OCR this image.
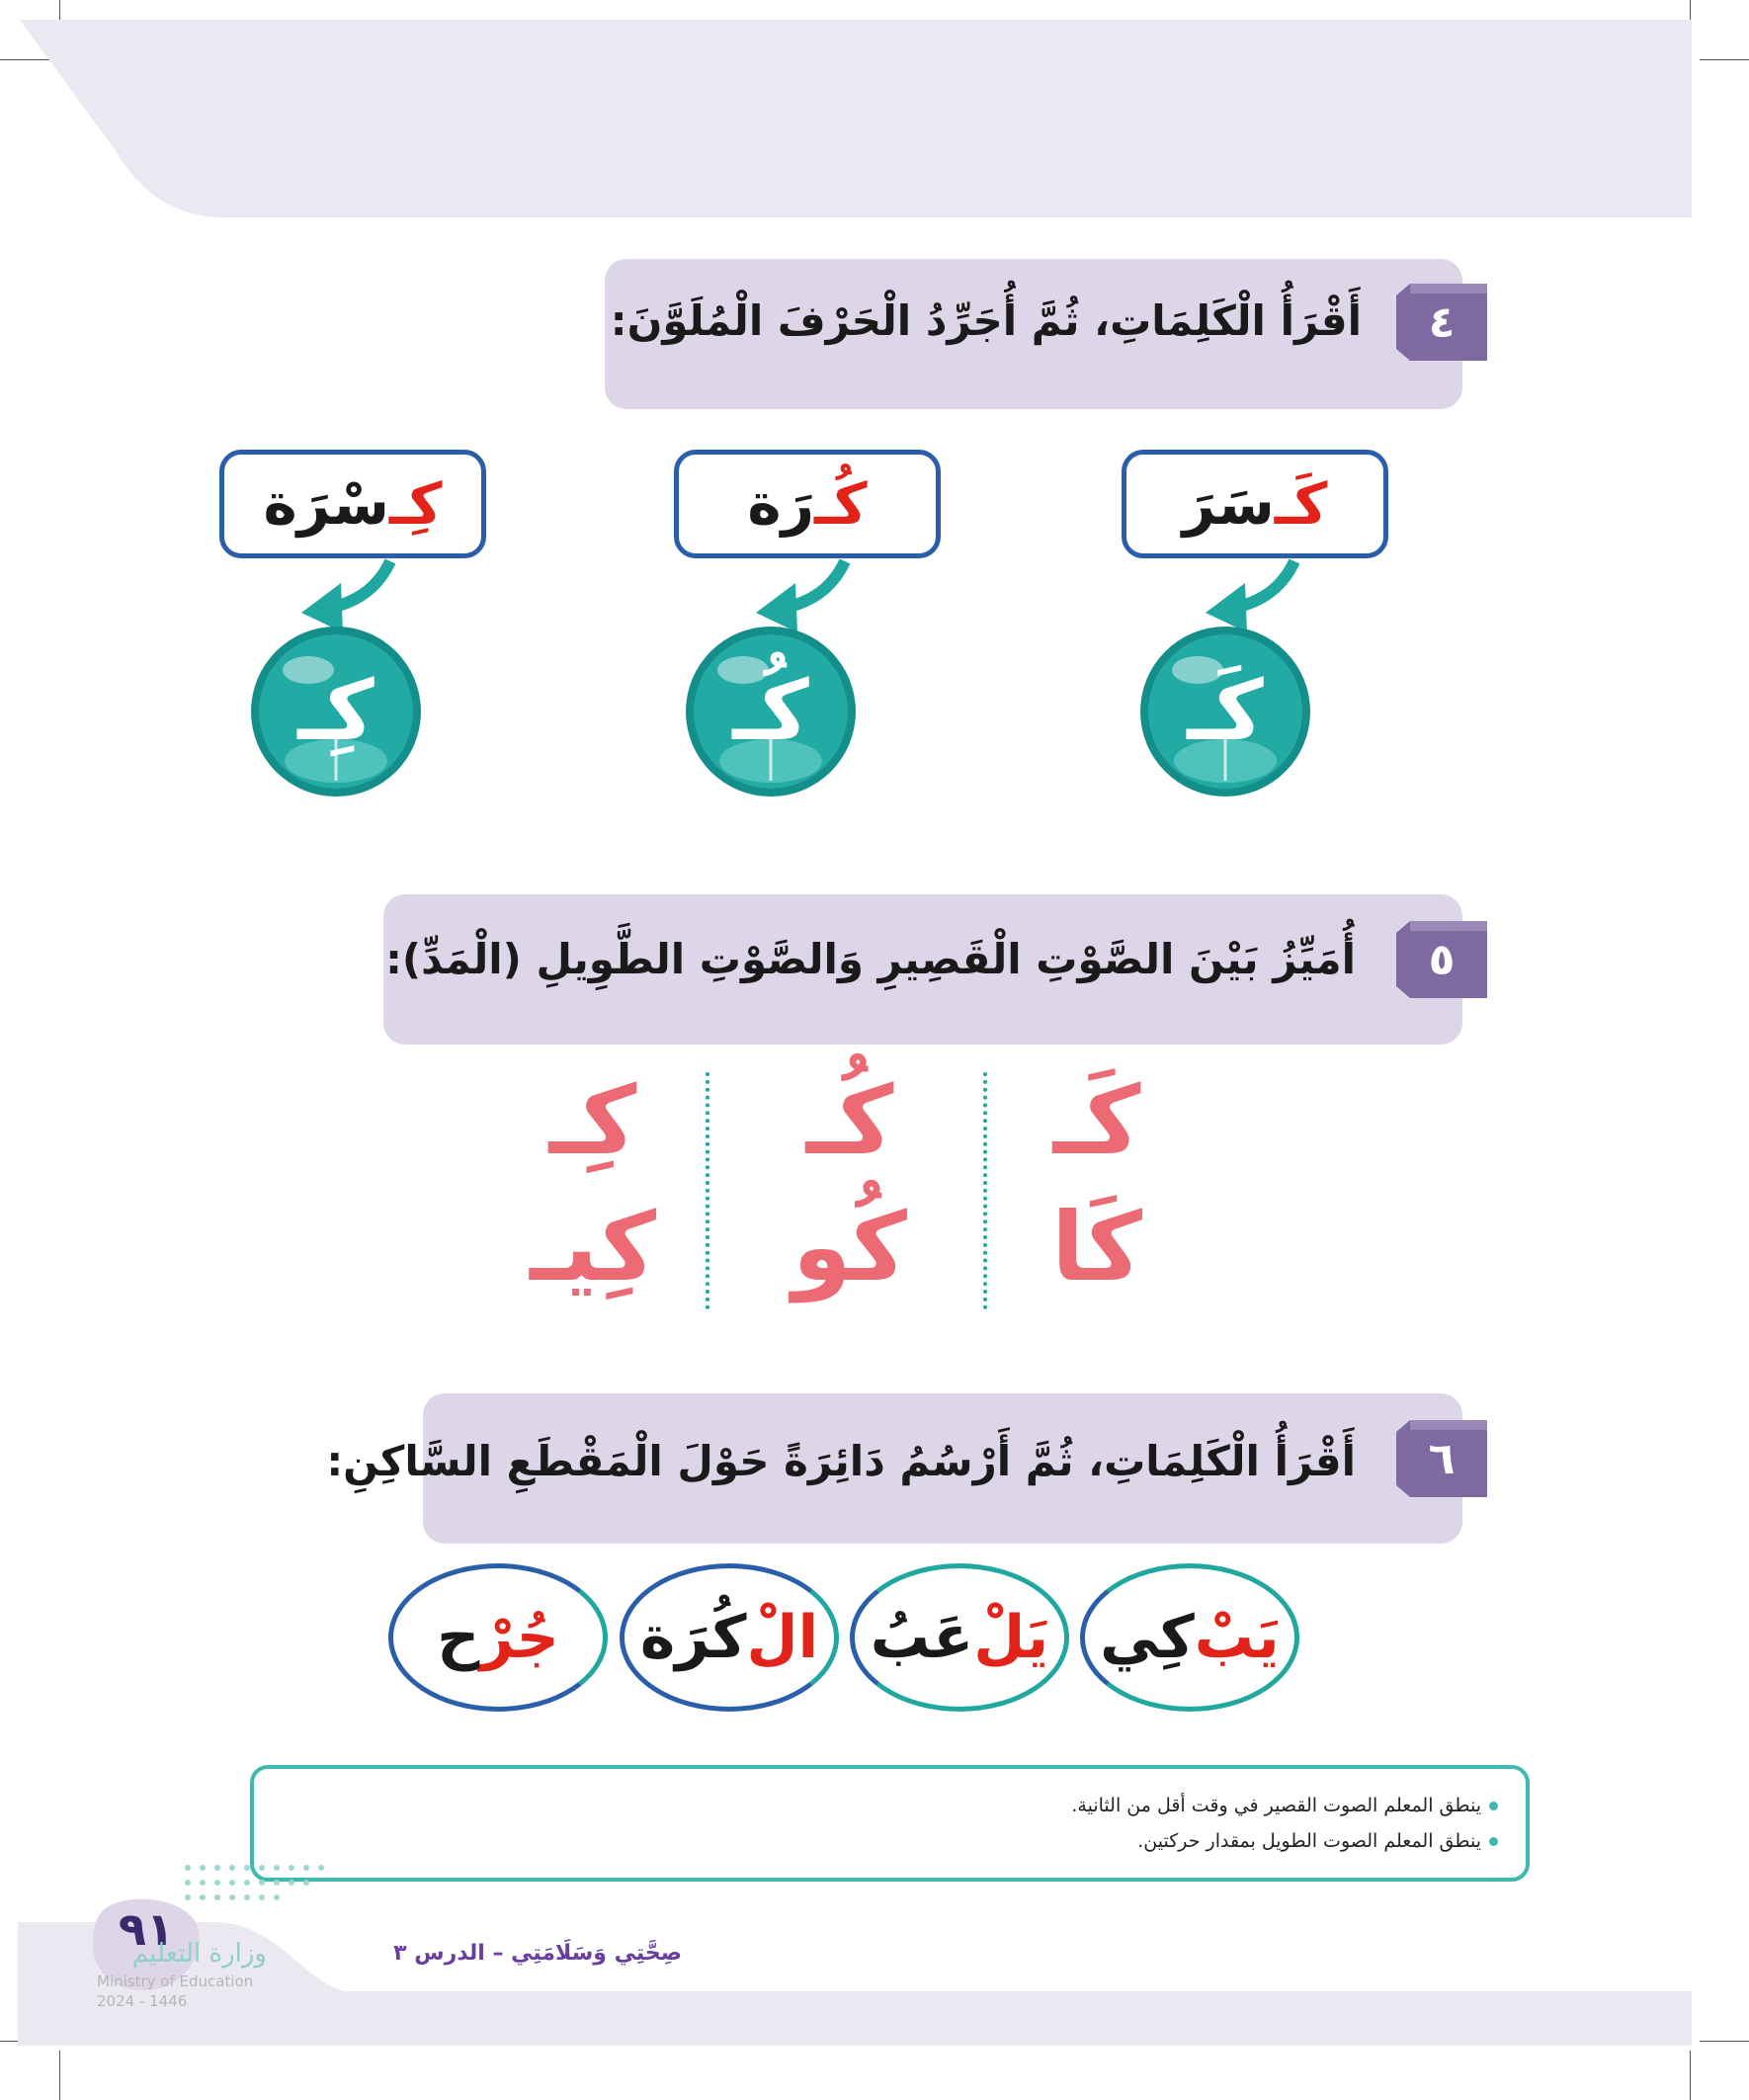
٤
أَقْرَأُ الْكَلِمَاتِ، ثُمَّ أُجَرِّدُ الْحَرْفَ الْمُلَوَّنَ:
كَـ
سَرَ
كُـ
رَة
كِـ
سْرَة
كَـ
كُـ
كِـ
٥
أُمَيِّزُ بَيْنَ الصَّوْتِ الْقَصِيرِ وَالصَّوْتِ الطَّوِيلِ (الْمَدِّ):
كَـ
كُـ
كِـ
كَا
كُو
كِيـ
٦
أَقْرَأُ الْكَلِمَاتِ، ثُمَّ أَرْسُمُ دَائِرَةً حَوْلَ الْمَقْطَعِ السَّاكِنِ:
يَبْ
كِي
يَلْ
عَبُ
الْ
كُرَة
جُرْ
ح
ينطق المعلم الصوت القصير في وقت أقل من الثانية.
ينطق المعلم الصوت الطويل بمقدار حركتين.
٩١
وزارة التعليم
Ministry of Education
2024 - 1446
صِحَّتِي وَسَلَامَتِي – الدرس ٣
